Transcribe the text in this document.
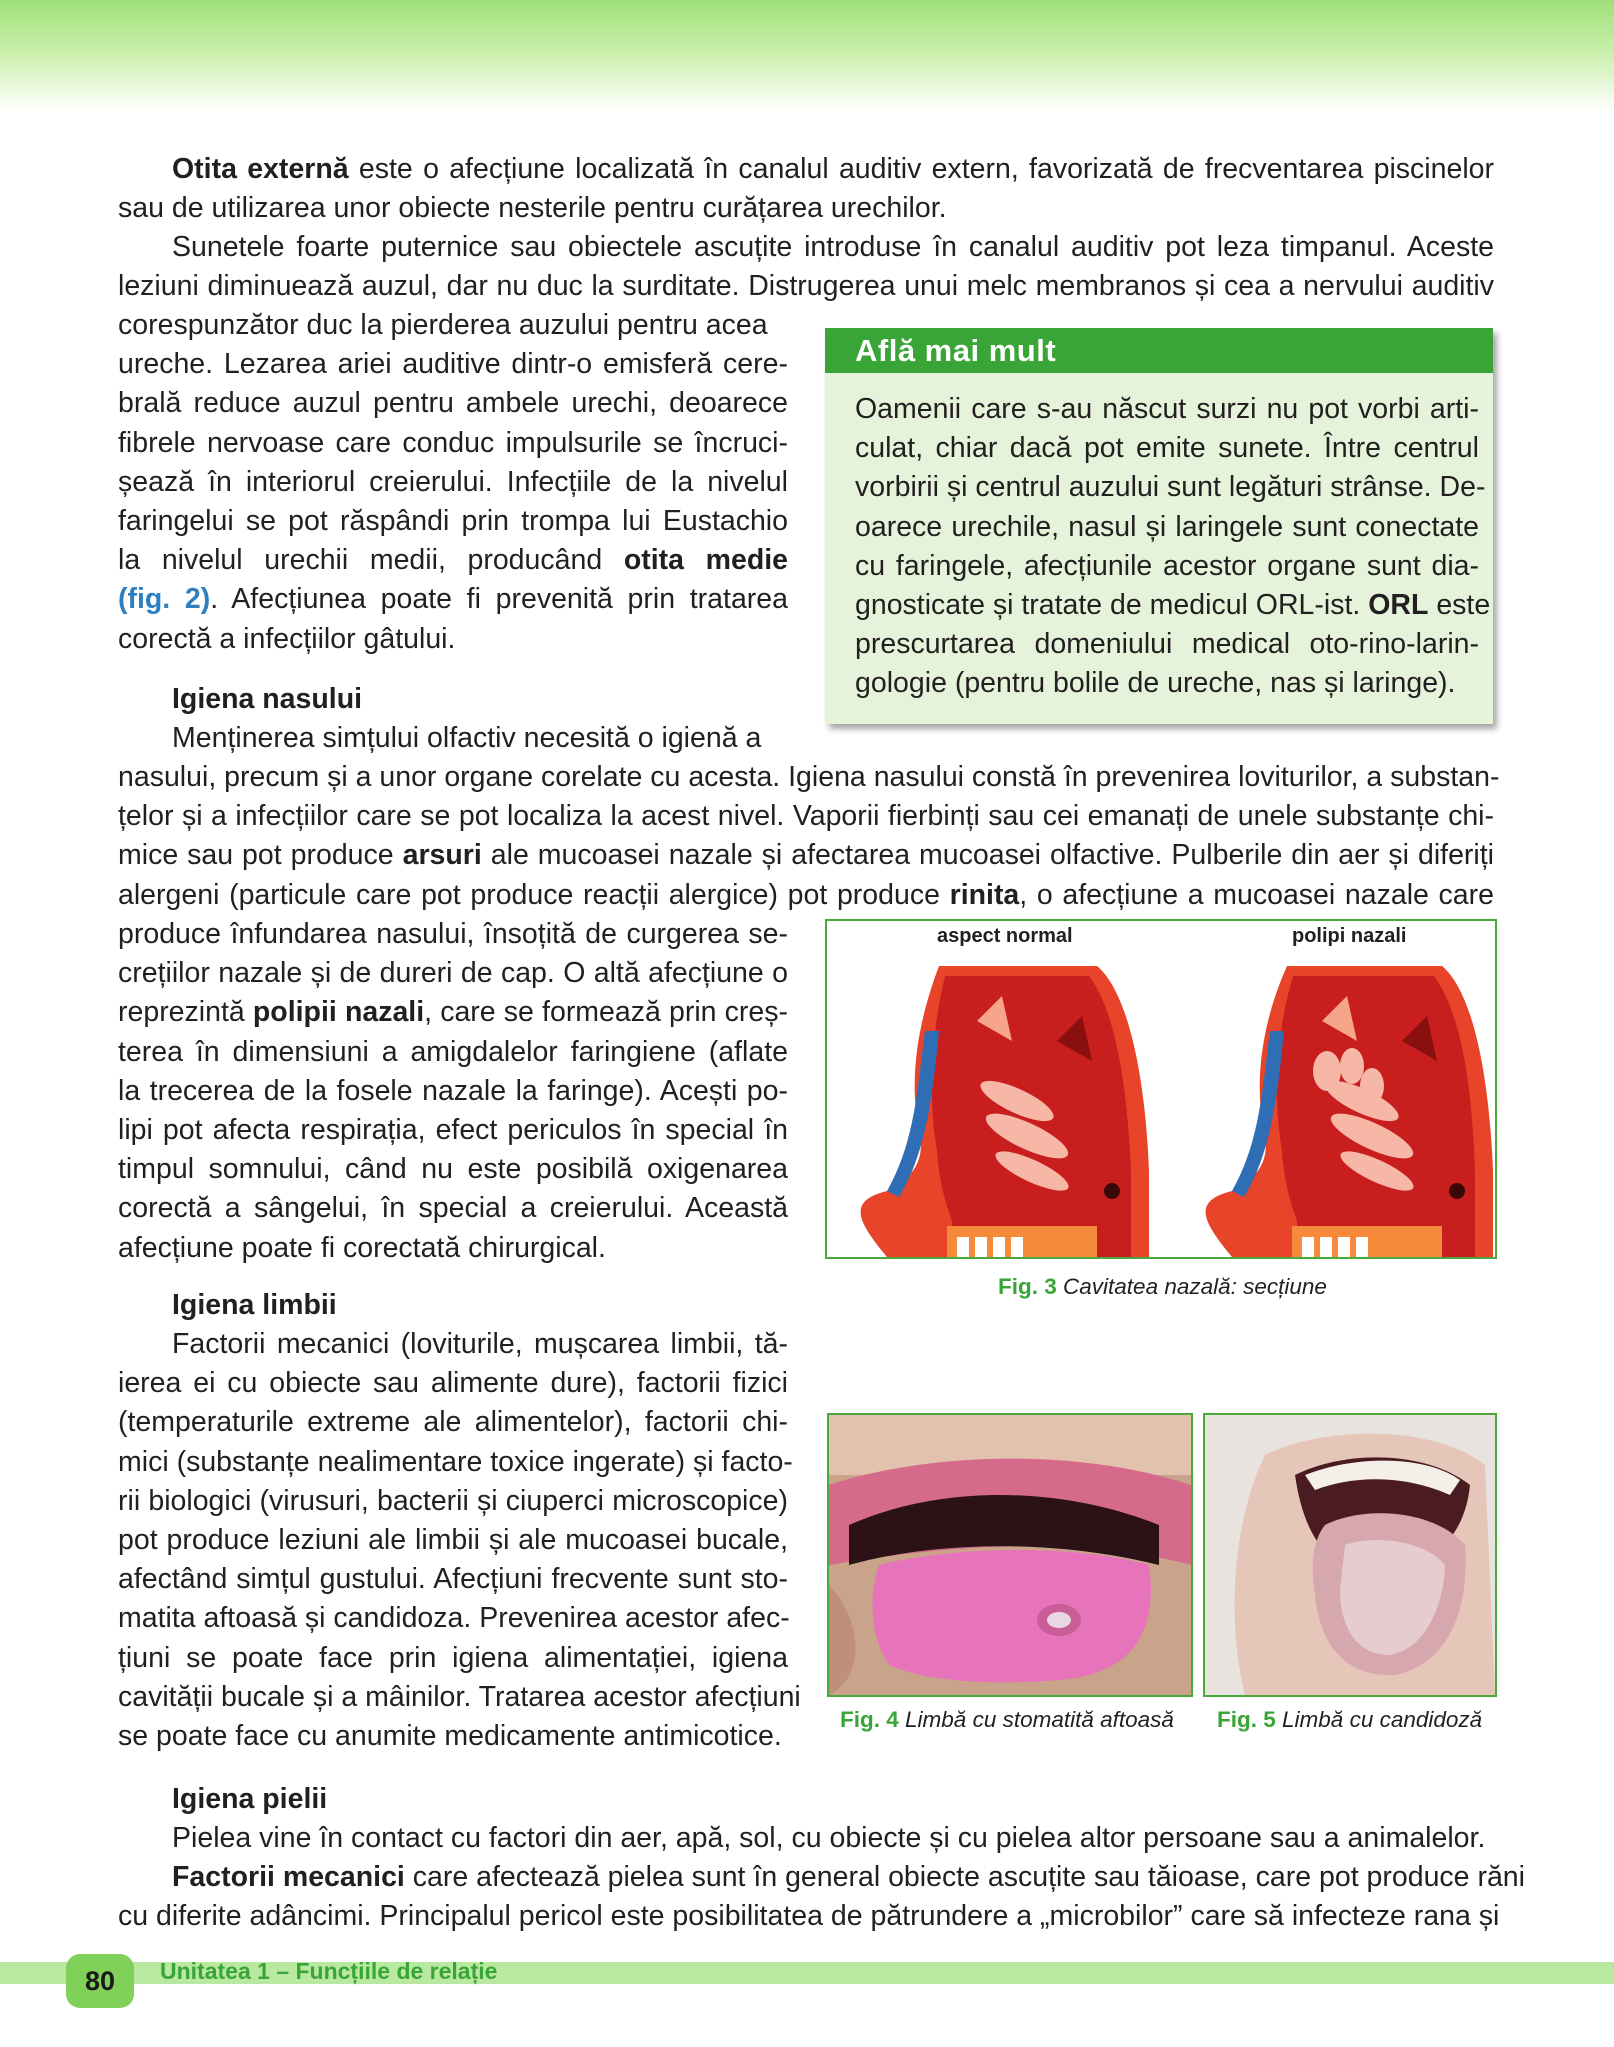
Otita externă este o afecțiune localizată în canalul auditiv extern, favorizată de frecventarea piscinelor
sau de utilizarea unor obiecte nesterile pentru curățarea urechilor.
Sunetele foarte puternice sau obiectele ascuțite introduse în canalul auditiv pot leza timpanul. Aceste
leziuni diminuează auzul, dar nu duc la surditate. Distrugerea unui melc membranos și cea a nervului auditiv
corespunzător duc la pierderea auzului pentru acea
ureche. Lezarea ariei auditive dintr-o emisferă cere-
brală reduce auzul pentru ambele urechi, deoarece
fibrele nervoase care conduc impulsurile se încruci-
șează în interiorul creierului. Infecțiile de la nivelul
faringelui se pot răspândi prin trompa lui Eustachio
la nivelul urechii medii, producând otita medie
(fig. 2). Afecțiunea poate fi prevenită prin tratarea
corectă a infecțiilor gâtului.
Află mai mult
Oamenii care s-au născut surzi nu pot vorbi arti-
culat, chiar dacă pot emite sunete. Între centrul
vorbirii și centrul auzului sunt legături strânse. De-
oarece urechile, nasul și laringele sunt conectate
cu faringele, afecțiunile acestor organe sunt dia-
gnosticate și tratate de medicul ORL-ist. ORL este
prescurtarea domeniului medical oto-rino-larin-
gologie (pentru bolile de ureche, nas și laringe).
Igiena nasului
Menținerea simțului olfactiv necesită o igienă a
nasului, precum și a unor organe corelate cu acesta. Igiena nasului constă în prevenirea loviturilor, a substan-
țelor și a infecțiilor care se pot localiza la acest nivel. Vaporii fierbinți sau cei emanați de unele substanțe chi-
mice sau pot produce arsuri ale mucoasei nazale și afectarea mucoasei olfactive. Pulberile din aer și diferiți
alergeni (particule care pot produce reacții alergice) pot produce rinita, o afecțiune a mucoasei nazale care
produce înfundarea nasului, însoțită de curgerea se-
crețiilor nazale și de dureri de cap. O altă afecțiune o
reprezintă polipii nazali, care se formează prin creș-
terea în dimensiuni a amigdalelor faringiene (aflate
la trecerea de la fosele nazale la faringe). Acești po-
lipi pot afecta respirația, efect periculos în special în
timpul somnului, când nu este posibilă oxigenarea
corectă a sângelui, în special a creierului. Această
afecțiune poate fi corectată chirurgical.
aspect normal	polipi nazali
Fig. 3 Cavitatea nazală: secțiune
Igiena limbii
Factorii mecanici (loviturile, mușcarea limbii, tă-
ierea ei cu obiecte sau alimente dure), factorii fizici
(temperaturile extreme ale alimentelor), factorii chi-
mici (substanțe nealimentare toxice ingerate) și facto-
rii biologici (virusuri, bacterii și ciuperci microscopice)
pot produce leziuni ale limbii și ale mucoasei bucale,
afectând simțul gustului. Afecțiuni frecvente sunt sto-
matita aftoasă și candidoza. Prevenirea acestor afec-
țiuni se poate face prin igiena alimentației, igiena
cavității bucale și a mâinilor. Tratarea acestor afecțiuni
se poate face cu anumite medicamente antimicotice.
Fig. 4 Limbă cu stomatită aftoasă Fig. 5 Limbă cu candidoză
Igiena pielii
Pielea vine în contact cu factori din aer, apă, sol, cu obiecte și cu pielea altor persoane sau a animalelor.
Factorii mecanici care afectează pielea sunt în general obiecte ascuțite sau tăioase, care pot produce răni
cu diferite adâncimi. Principalul pericol este posibilitatea de pătrundere a „microbilor” care să infecteze rana și
80	Unitatea 1 – Funcțiile de relație
